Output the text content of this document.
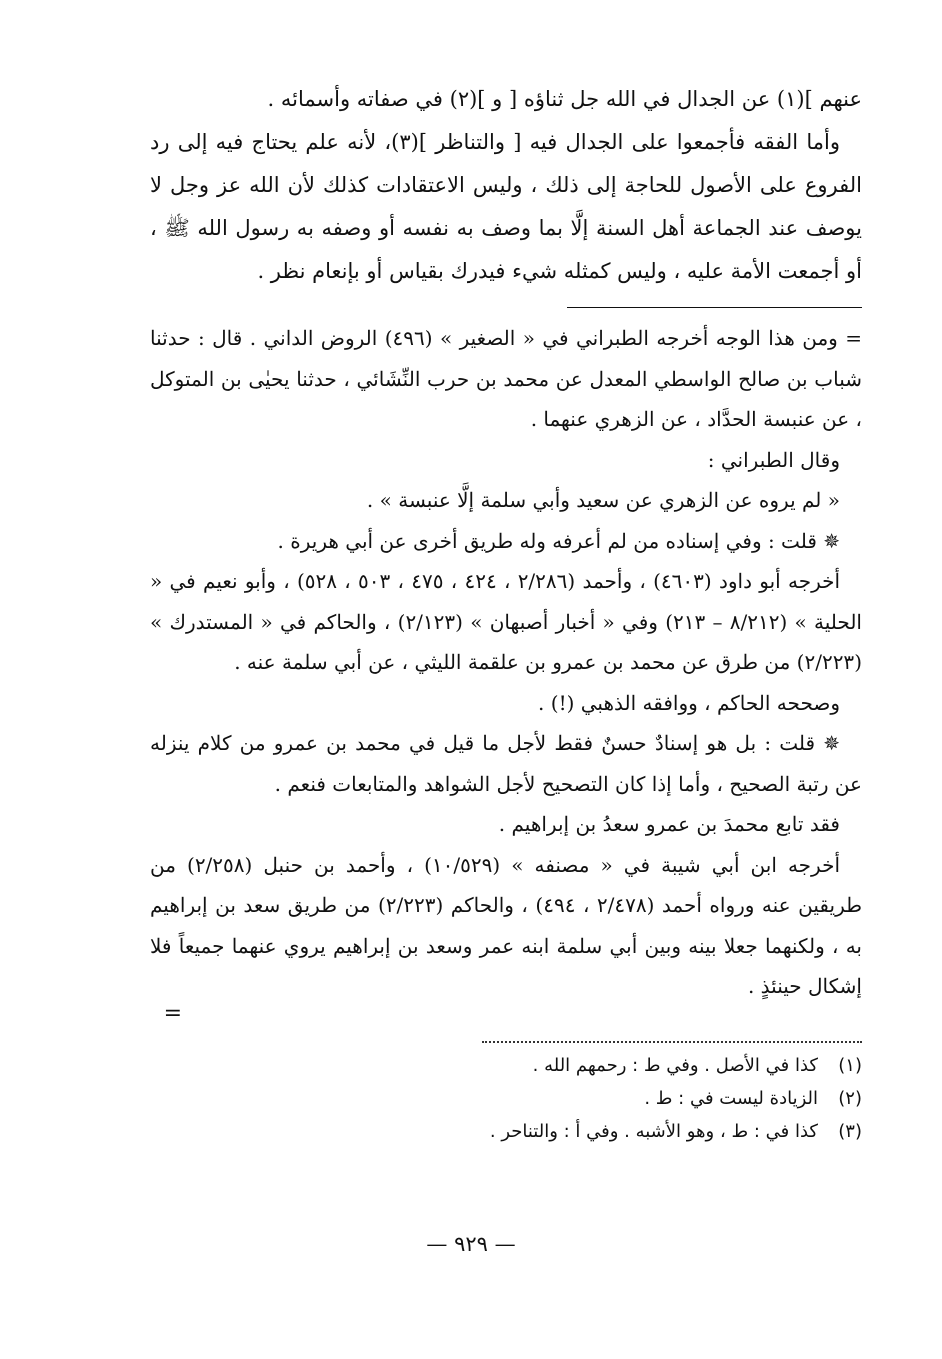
عنهم ](١) عن الجدال في الله جل ثناؤه [ و ](٢) في صفاته وأسمائه .

وأما الفقه فأجمعوا على الجدال فيه [ والتناظر ](٣)، لأنه علم يحتاج فيه إلى رد الفروع على الأصول للحاجة إلى ذلك ، وليس الاعتقادات كذلك لأن الله عز وجل لا يوصف عند الجماعة أهل السنة إلَّا بما وصف به نفسه أو وصفه به رسول الله ﷺ ، أو أجمعت الأمة عليه ، وليس كمثله شيء فيدرك بقياس أو بإنعام نظر .

= ومن هذا الوجه أخرجه الطبراني في « الصغير » (٤٩٦) الروض الداني . قال : حدثنا شباب بن صالح الواسطي المعدل عن محمد بن حرب النِّشَائي ، حدثنا يحيٰى بن المتوكل ، عن عنبسة الحدَّاد ، عن الزهري عنهما .

وقال الطبراني :

« لم يروه عن الزهري عن سعيد وأبي سلمة إلَّا عنبسة » .

✵ قلت : وفي إسناده من لم أعرفه وله طريق أخرى عن أبي هريرة .

أخرجه أبو داود (٤٦٠٣) ، وأحمد (٢/٢٨٦ ، ٤٢٤ ، ٤٧٥ ، ٥٠٣ ، ٥٢٨) ، وأبو نعيم في « الحلية » (٨/٢١٢ – ٢١٣) وفي « أخبار أصبهان » (٢/١٢٣) ، والحاكم في « المستدرك » (٢/٢٢٣) من طرق عن محمد بن عمرو بن علقمة الليثي ، عن أبي سلمة عنه .

وصححه الحاكم ، ووافقه الذهبي (!) .

✵ قلت : بل هو إسنادٌ حسنٌ فقط لأجل ما قيل في محمد بن عمرو من كلام ينزله عن رتبة الصحيح ، وأما إذا كان التصحيح لأجل الشواهد والمتابعات فنعم .

فقد تابع محمدَ بن عمرو سعدُ بن إبراهيم .

أخرجه ابن أبي شيبة في « مصنفه » (١٠/٥٢٩) ، وأحمد بن حنبل (٢/٢٥٨) من طريقين عنه ورواه أحمد (٢/٤٧٨ ، ٤٩٤) ، والحاكم (٢/٢٢٣) من طريق سعد بن إبراهيم به ، ولكنهما جعلا بينه وبين أبي سلمة ابنه عمر وسعد بن إبراهيم يروي عنهما جميعاً فلا إشكال حينئذٍ .

=
(١)
كذا في الأصل . وفي ط : رحمهم الله .
(٢)
الزيادة ليست في : ط .
(٣)
كذا في : ط ، وهو الأشبه . وفي أ : والتناحر .
— ٩٢٩ —
